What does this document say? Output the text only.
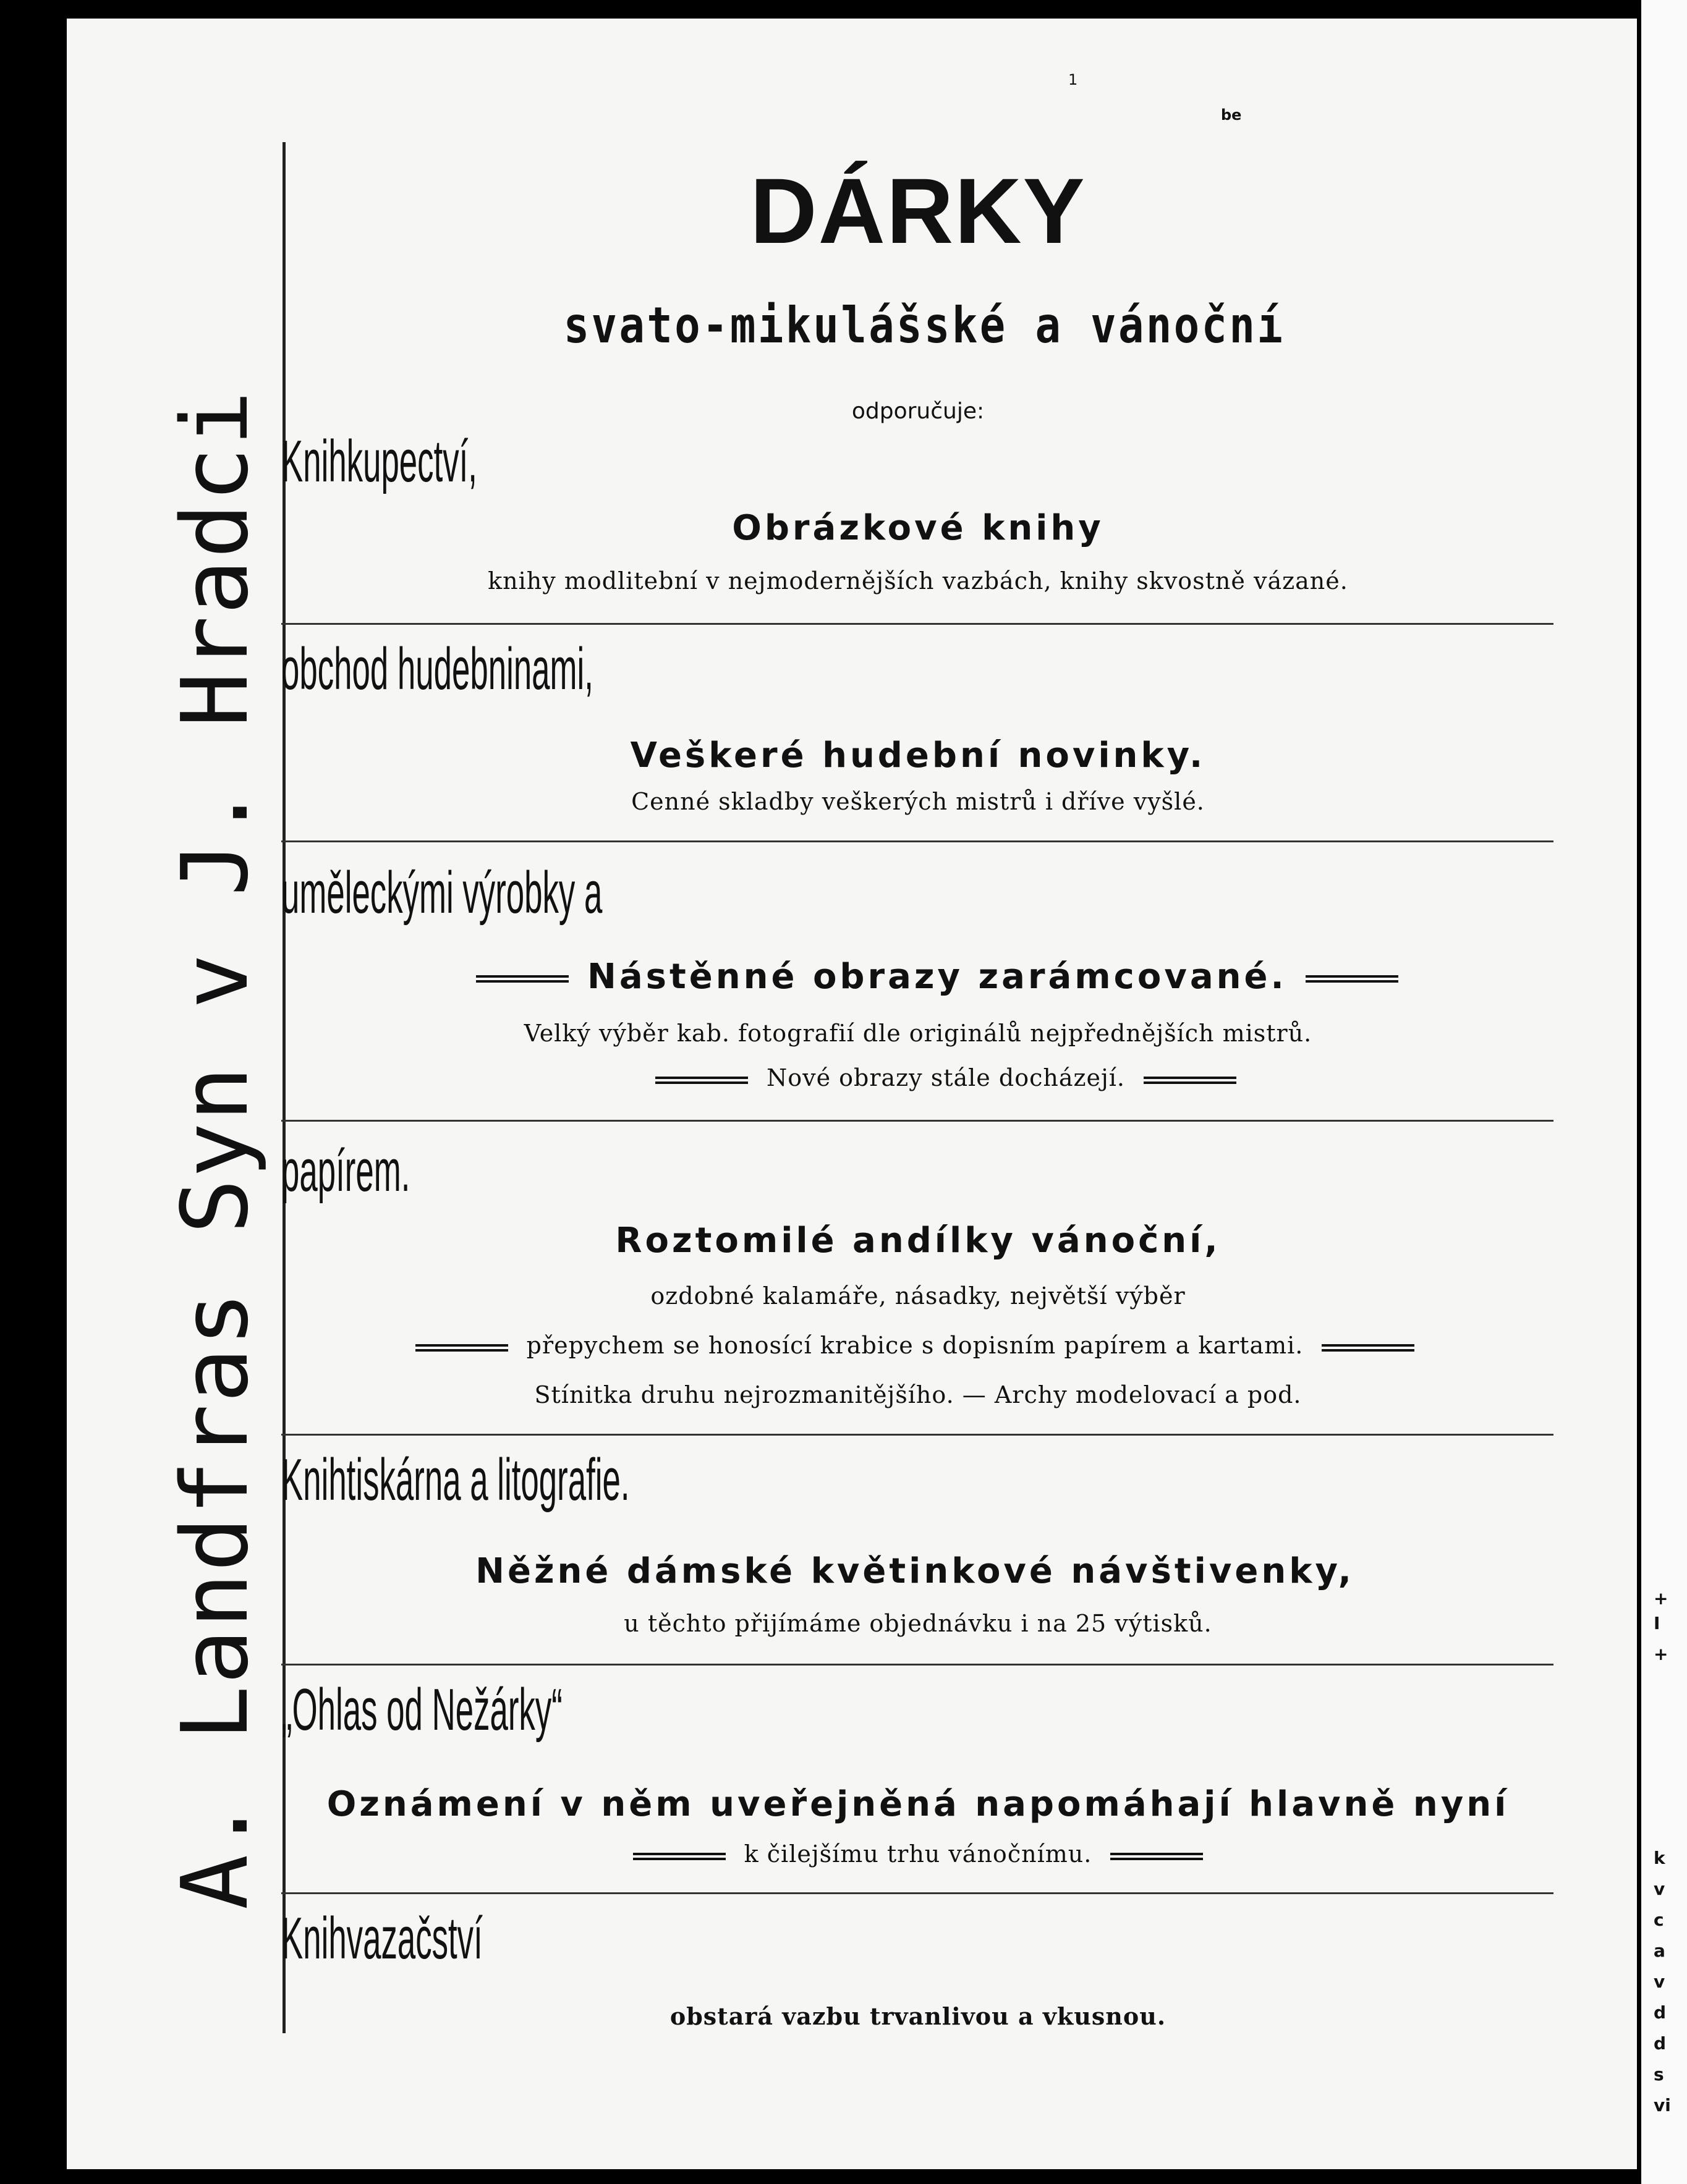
+
I
+
k
v
c
a
v
d
d
s
vi
1
be
A. Landfras Syn v J. Hradci
DÁRKY
svato-mikulášské a vánoční
odporučuje:
Knihkupectví,
Obrázkové knihy
knihy modlitební v nejmodernějších vazbách, knihy skvostně vázané.
obchod hudebninami,
Veškeré hudební novinky.
Cenné skladby veškerých mistrů i dříve vyšlé.
uměleckými výrobky a
Nástěnné obrazy zarámcované.
Velký výběr kab. fotografií dle originálů nejpřednějších mistrů.
Nové obrazy stále docházejí.
papírem.
Roztomilé andílky vánoční,
ozdobné kalamáře, násadky, největší výběr
přepychem se honosící krabice s dopisním papírem a kartami.
Stínitka druhu nejrozmanitějšího. — Archy modelovací a pod.
Knihtiskárna a litografie.
Něžné dámské květinkové návštivenky,
u těchto přijímáme objednávku i na 25 výtisků.
„Ohlas od Nežárky“
Oznámení v něm uveřejněná napomáhají hlavně nyní
k čilejšímu trhu vánočnímu.
Knihvazačství
obstará vazbu trvanlivou a vkusnou.
